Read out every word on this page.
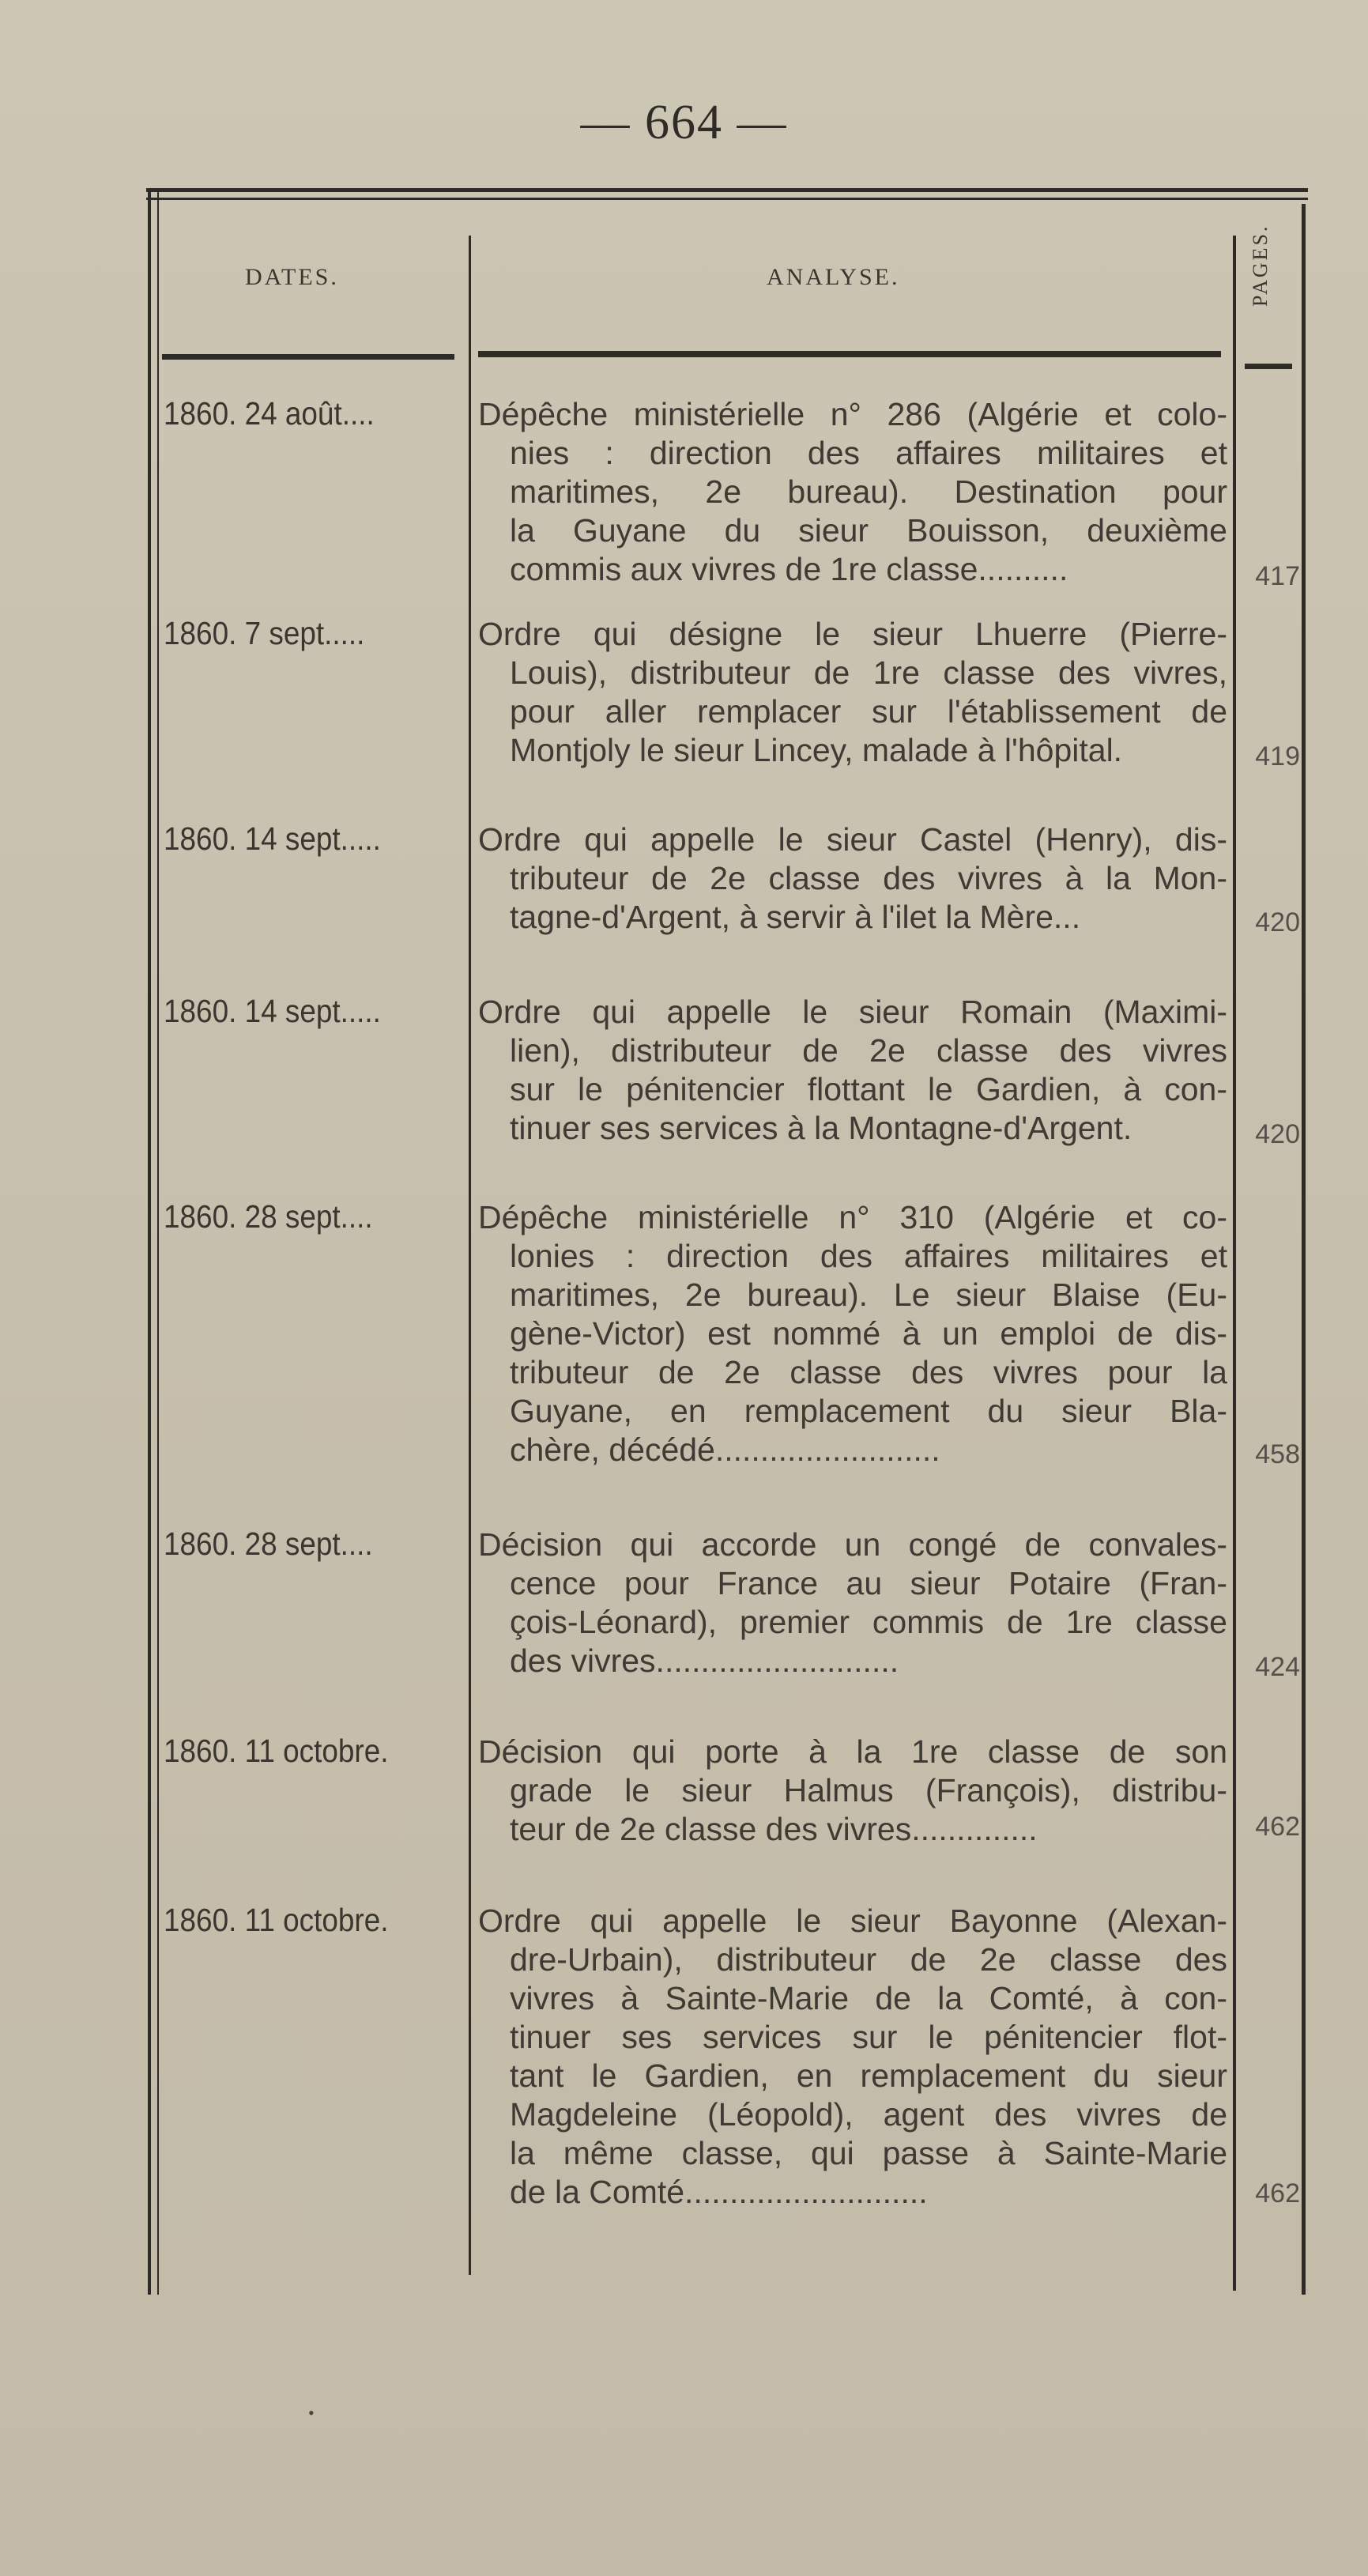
— 664 —
DATES.	ANALYSE.	PAGES.
1860. 24 août....	Dépêche ministérielle n° 286 (Algérie et colo-
nies : direction des affaires militaires et
maritimes, 2e bureau). Destination pour
la Guyane du sieur Bouisson, deuxième
commis aux vivres de 1re classe..........	417
1860. 7 sept.....	Ordre qui désigne le sieur Lhuerre (Pierre-
Louis), distributeur de 1re classe des vivres,
pour aller remplacer sur l'établissement de
Montjoly le sieur Lincey, malade à l'hôpital.	419
1860. 14 sept.....	Ordre qui appelle le sieur Castel (Henry), dis-
tributeur de 2e classe des vivres à la Mon-
tagne-d'Argent, à servir à l'ilet la Mère...	420
1860. 14 sept.....	Ordre qui appelle le sieur Romain (Maximi-
lien), distributeur de 2e classe des vivres
sur le pénitencier flottant le Gardien, à con-
tinuer ses services à la Montagne-d'Argent.	420
1860. 28 sept....	Dépêche ministérielle n° 310 (Algérie et co-
lonies : direction des affaires militaires et
maritimes, 2e bureau). Le sieur Blaise (Eu-
gène-Victor) est nommé à un emploi de dis-
tributeur de 2e classe des vivres pour la
Guyane, en remplacement du sieur Bla-
chère, décédé.........................	458
1860. 28 sept....	Décision qui accorde un congé de convales-
cence pour France au sieur Potaire (Fran-
çois-Léonard), premier commis de 1re classe
des vivres...........................	424
1860. 11 octobre.	Décision qui porte à la 1re classe de son
grade le sieur Halmus (François), distribu-
teur de 2e classe des vivres..............	462
1860. 11 octobre.	Ordre qui appelle le sieur Bayonne (Alexan-
dre-Urbain), distributeur de 2e classe des
vivres à Sainte-Marie de la Comté, à con-
tinuer ses services sur le pénitencier flot-
tant le Gardien, en remplacement du sieur
Magdeleine (Léopold), agent des vivres de
la même classe, qui passe à Sainte-Marie
de la Comté...........................	462
•
